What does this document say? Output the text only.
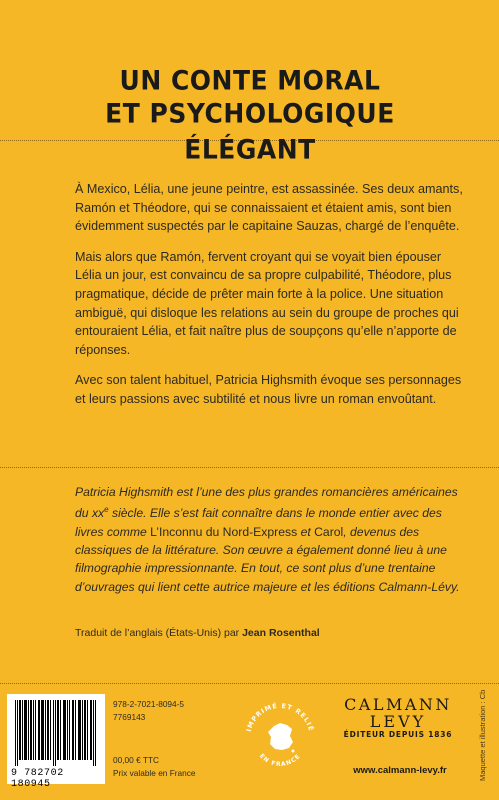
UN CONTE MORAL
ET PSYCHOLOGIQUE ÉLÉGANT

À Mexico, Lélia, une jeune peintre, est assassinée. Ses deux amants, Ramón et Théodore, qui se connaissaient et étaient amis, sont bien évidemment suspectés par le capitaine Sauzas, chargé de l’enquête.

Mais alors que Ramón, fervent croyant qui se voyait bien épouser Lélia un jour, est convaincu de sa propre culpabilité, Théodore, plus pragmatique, décide de prêter main forte à la police. Une situation ambiguë, qui disloque les relations au sein du groupe de proches qui entouraient Lélia, et fait naître plus de soupçons qu’elle n’apporte de réponses.

Avec son talent habituel, Patricia Highsmith évoque ses personnages et leurs passions avec subtilité et nous livre un roman envoûtant.

Patricia Highsmith est l’une des plus grandes romancières américaines du $xx^e$ siècle. Elle s’est fait connaître dans le monde entier avec des livres comme L’Inconnu du Nord-Express et Carol, devenus des classiques de la littérature. Son œuvre a également donné lieu à une filmographie impressionnante. En tout, ce sont plus d’une trentaine d’ouvrages qui lient cette autrice majeure et les éditions Calmann-Lévy.
Traduit de l’anglais (États-Unis) par Jean Rosenthal
9 782702 180945
978-2-7021-8094-5
7769143
00,00 € TTC
Prix valable en France
IMPRIMÉ ET RELIÉ
EN FRANCE
CALMANN
LEVY
ÉDITEUR DEPUIS 1836
www.calmann-levy.fr	Maquette et illustration : Cb
